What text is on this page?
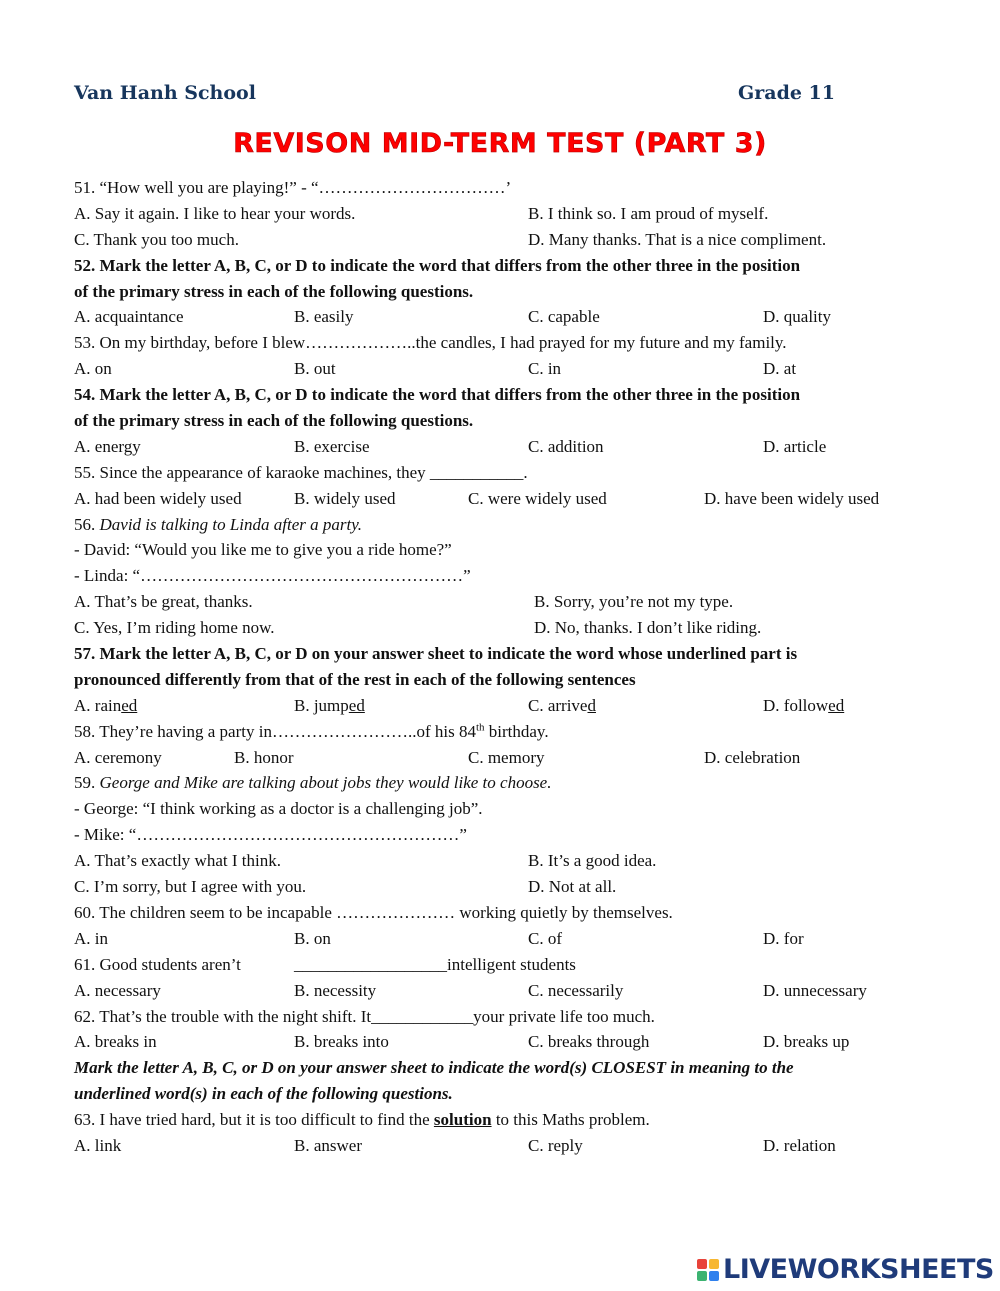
Van Hanh School	Grade 11
REVISON MID-TERM TEST (PART 3)
51. “How well you are playing!” - “……………………………’
A. Say it again. I like to hear your words.	B. I think so. I am proud of myself.
C. Thank you too much.	D. Many thanks. That is a nice compliment.
52. Mark the letter A, B, C, or D to indicate the word that differs from the other three in the position
of the primary stress in each of the following questions.
A. acquaintance	B. easily	C. capable	D. quality
53. On my birthday, before I blew………………..the candles, I had prayed for my future and my family.
A. on	B. out	C. in	D. at
54. Mark the letter A, B, C, or D to indicate the word that differs from the other three in the position
of the primary stress in each of the following questions.
A. energy	B. exercise	C. addition	D. article
55. Since the appearance of karaoke machines, they ___________.
A. had been widely used	B. widely used	C. were widely used	D. have been widely used
56. David is talking to Linda after a party.
- David: “Would you like me to give you a ride home?”
- Linda: “…………………………………………………”
A. That’s be great, thanks.	B. Sorry, you’re not my type.
C. Yes, I’m riding home now.	D. No, thanks. I don’t like riding.
57. Mark the letter A, B, C, or D on your answer sheet to indicate the word whose underlined part is
pronounced differently from that of the rest in each of the following sentences
A. rained	B. jumped	C. arrived	D. followed
58. They’re having a party in……………………..of his 84th birthday.
A. ceremony	B. honor	C. memory	D. celebration
59. George and Mike are talking about jobs they would like to choose.
- George: “I think working as a doctor is a challenging job”.
- Mike: “…………………………………………………”
A. That’s exactly what I think.	B. It’s a good idea.
C. I’m sorry, but I agree with you.	D. Not at all.
60. The children seem to be incapable ………………… working quietly by themselves.
A. in	B. on	C. of	D. for
61. Good students aren’t	__________________intelligent students
A. necessary	B. necessity	C. necessarily	D. unnecessary
62. That’s the trouble with the night shift. It____________your private life too much.
A. breaks in	B. breaks into	C. breaks through	D. breaks up
Mark the letter A, B, C, or D on your answer sheet to indicate the word(s) CLOSEST in meaning to the
underlined word(s) in each of the following questions.
63. I have tried hard, but it is too difficult to find the solution to this Maths problem.
A. link	B. answer	C. reply	D. relation
LIVEWORKSHEETS
